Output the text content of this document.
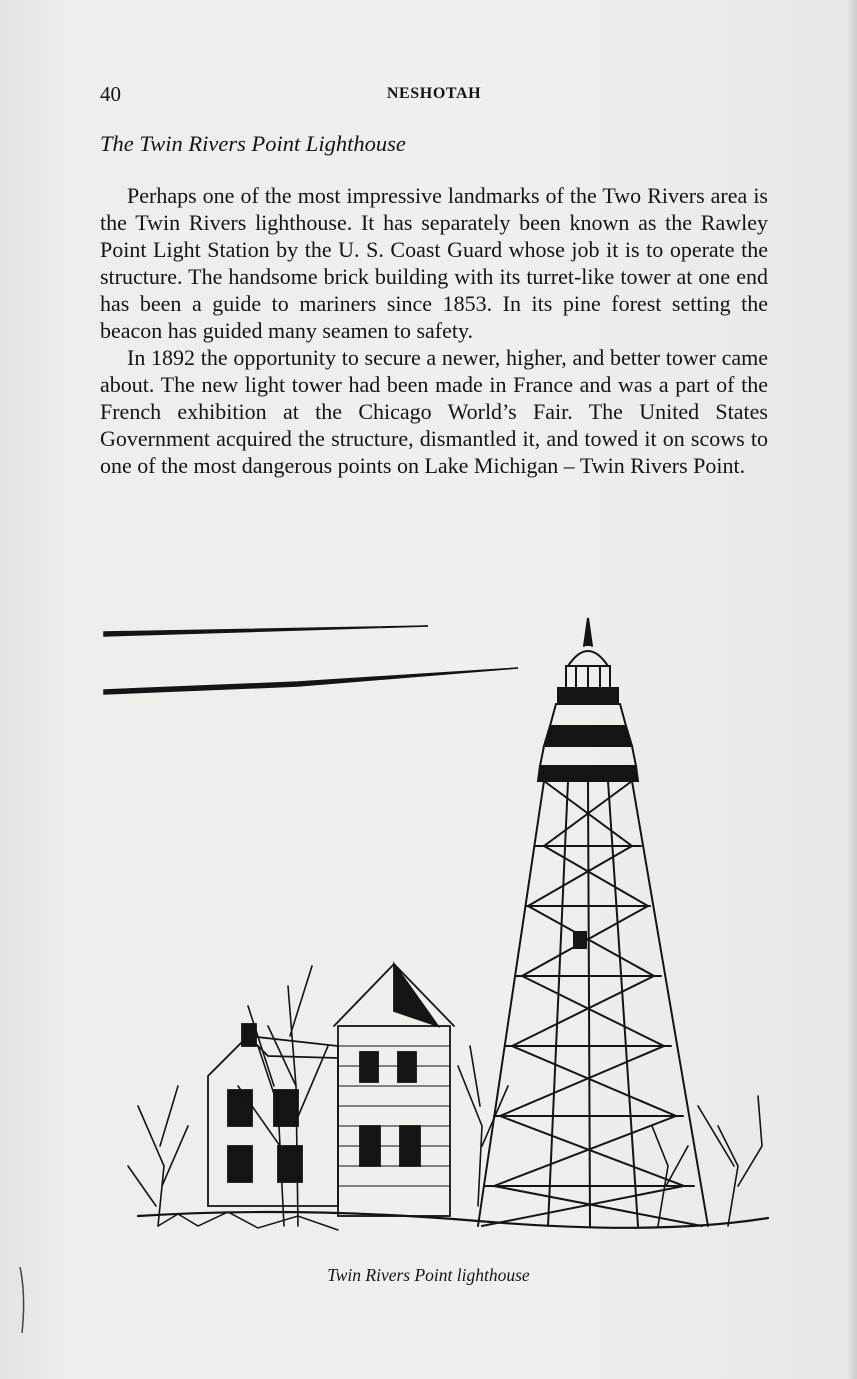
40	NESHOTAH
The Twin Rivers Point Lighthouse

Perhaps one of the most impressive landmarks of the Two Rivers area is the Twin Rivers lighthouse. It has separately been known as the Rawley Point Light Station by the U. S. Coast Guard whose job it is to operate the structure. The handsome brick building with its turret-like tower at one end has been a guide to mariners since 1853. In its pine forest setting the beacon has guided many seamen to safety.

In 1892 the opportunity to secure a newer, higher, and better tower came about. The new light tower had been made in France and was a part of the French exhibition at the Chicago World’s Fair. The United States Government acquired the structure, dismantled it, and towed it on scows to one of the most dangerous points on Lake Michigan – Twin Rivers Point.

Twin Rivers Point lighthouse
